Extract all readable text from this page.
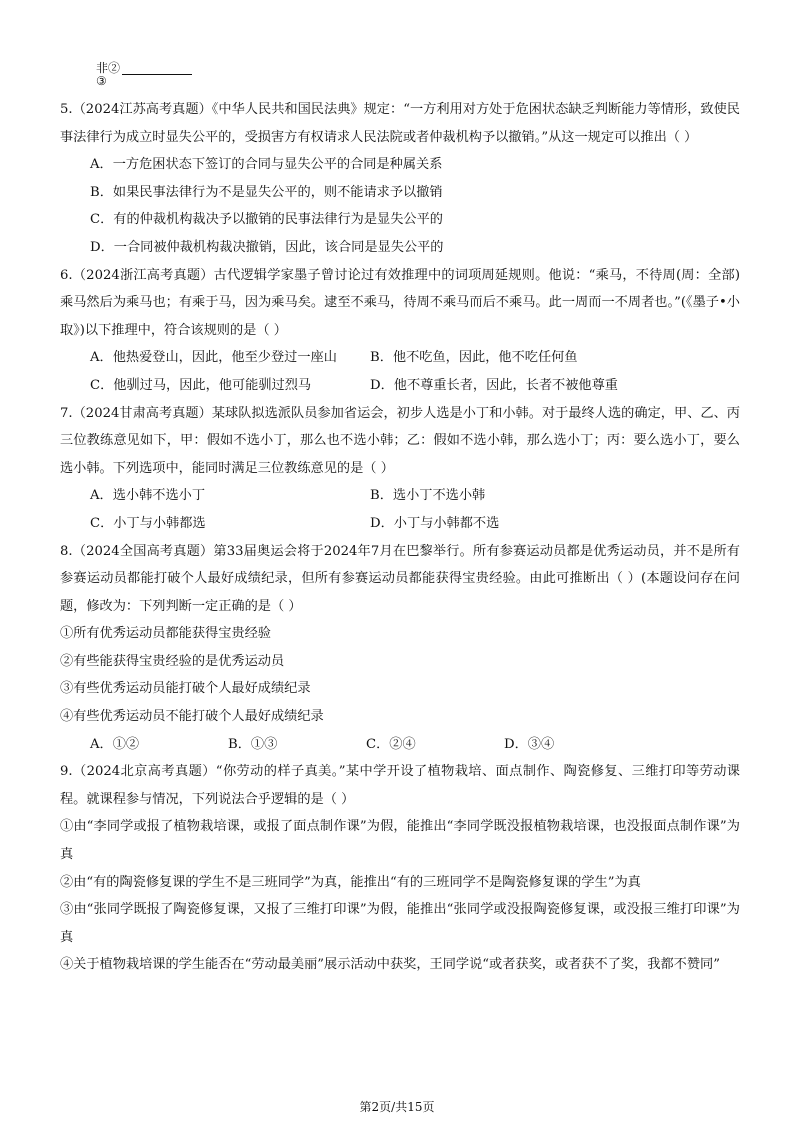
非②
③

5.（2024江苏高考真题）《中华人民共和国民法典》规定：“一方利用对方处于危困状态缺乏判断能力等情形，致使民事法律行为成立时显失公平的，受损害方有权请求人民法院或者仲裁机构予以撤销。”从这一规定可以推出（ ）

A．一方危困状态下签订的合同与显失公平的合同是种属关系

B．如果民事法律行为不是显失公平的，则不能请求予以撤销

C．有的仲裁机构裁决予以撤销的民事法律行为是显失公平的

D．一合同被仲裁机构裁决撤销，因此，该合同是显失公平的

6.（2024浙江高考真题）古代逻辑学家墨子曾讨论过有效推理中的词项周延规则。他说：“乘马，不待周(周：全部)乘马然后为乘马也；有乘于马，因为乘马矣。逮至不乘马，待周不乘马而后不乘马。此一周而一不周者也。”(《墨子•小取》)以下推理中，符合该规则的是（ ）

A．他热爱登山，因此，他至少登过一座山	B．他不吃鱼，因此，他不吃任何鱼
C．他驯过马，因此，他可能驯过烈马	D．他不尊重长者，因此，长者不被他尊重

7.（2024甘肃高考真题）某球队拟选派队员参加省运会，初步人选是小丁和小韩。对于最终人选的确定，甲、乙、丙三位教练意见如下，甲：假如不选小丁，那么也不选小韩；乙：假如不选小韩，那么选小丁；丙：要么选小丁，要么选小韩。下列选项中，能同时满足三位教练意见的是（ ）

A．选小韩不选小丁	B．选小丁不选小韩
C．小丁与小韩都选	D．小丁与小韩都不选

8.（2024全国高考真题）第33届奥运会将于2024年7月在巴黎举行。所有参赛运动员都是优秀运动员，并不是所有参赛运动员都能打破个人最好成绩纪录，但所有参赛运动员都能获得宝贵经验。由此可推断出（ ）(本题设问存在问题，修改为：下列判断一定正确的是（ ）

①所有优秀运动员都能获得宝贵经验

②有些能获得宝贵经验的是优秀运动员

③有些优秀运动员能打破个人最好成绩纪录

④有些优秀运动员不能打破个人最好成绩纪录

A．①②	B．①③	C．②④	D．③④

9.（2024北京高考真题）“你劳动的样子真美。”某中学开设了植物栽培、面点制作、陶瓷修复、三维打印等劳动课程。就课程参与情况，下列说法合乎逻辑的是（ ）

①由“李同学或报了植物栽培课，或报了面点制作课”为假，能推出“李同学既没报植物栽培课，也没报面点制作课”为真

②由“有的陶瓷修复课的学生不是三班同学”为真，能推出“有的三班同学不是陶瓷修复课的学生”为真

③由“张同学既报了陶瓷修复课，又报了三维打印课”为假，能推出“张同学或没报陶瓷修复课，或没报三维打印课”为真

④关于植物栽培课的学生能否在“劳动最美丽”展示活动中获奖，王同学说“或者获奖，或者获不了奖，我都不赞同”

第2页/共15页
